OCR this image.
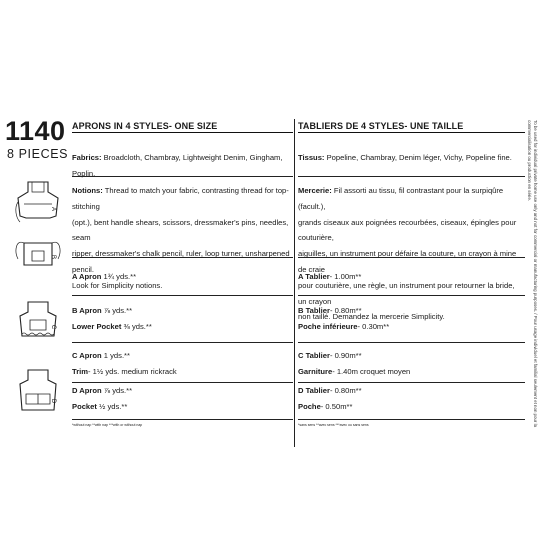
1140
8 PIECES
A
B
C
D
APRONS IN 4 STYLES- ONE SIZE
Fabrics: Broadcloth, Chambray, Lightweight Denim, Gingham, Poplin.
Notions: Thread to match your fabric, contrasting thread for top-stitching
(opt.), bent handle shears, scissors, dressmaker's pins, needles, seam
ripper, dressmaker's chalk pencil, ruler, loop turner, unsharpened pencil.
Look for Simplicity notions.
A Apron 1¾ yds.**
B Apron ⅞ yds.**
Lower Pocket ⅜ yds.**
C Apron 1 yds.**
Trim- 1½ yds. medium rickrack

D Apron ⅞ yds.**
Pocket ½ yds.**
*without nap **with nap ***with or without nap
TABLIERS DE 4 STYLES- UNE TAILLE
Tissus: Popeline, Chambray, Denim léger, Vichy, Popeline fine.
Mercerie: Fil assorti au tissu, fil contrastant pour la surpiqûre (facult.),
grands ciseaux aux poignées recourbées, ciseaux, épingles pour couturière,
aiguilles, un instrument pour défaire la couture, un crayon à mine de craie
pour couturière, une règle, un instrument pour retourner la bride, un crayon
non taillé. Demandez la mercerie Simplicity.
A Tablier- 1.00m**
B Tablier- 0.80m**
Poche inférieure- 0.30m**
C Tablier- 0.90m**
Garniture- 1.40m croquet moyen
D Tablier- 0.80m**
Poche- 0.50m**
*sans sens **avec sens ***avec ou sans sens	To be used for individual private home use only and not for commercial or manufacturing purposes. / Pour usage individuel et familial seulement et non pour la commercialisation ou production en série.
